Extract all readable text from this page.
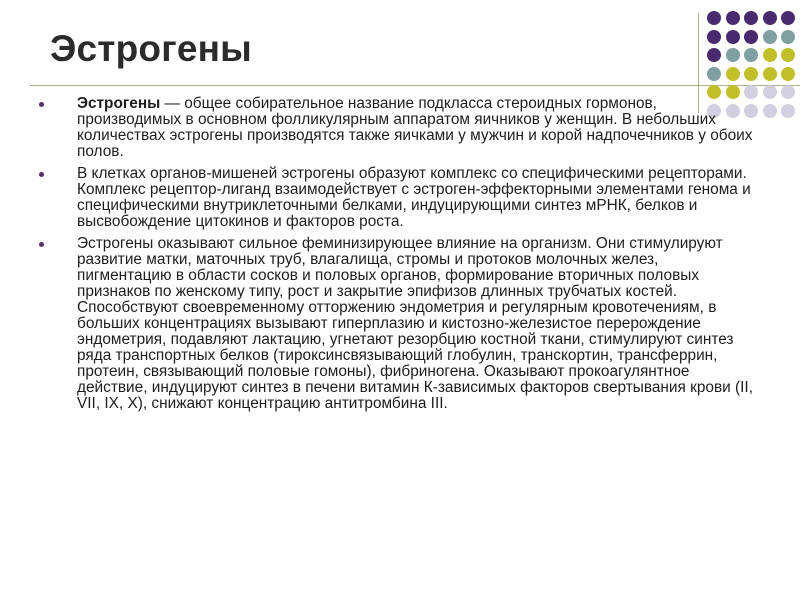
Эстрогены
Эстрогены — общее собирательное название подкласса стероидных гормонов, производимых в основном фолликулярным аппаратом яичников у женщин. В небольших количествах эстрогены производятся также яичками у мужчин и корой надпочечников у обоих полов.
В клетках органов-мишеней эстрогены образуют комплекс со специфическими рецепторами. Комплекс рецептор-лиганд взаимодействует с эстроген-эффекторными элементами генома и специфическими внутриклеточными белками, индуцирующими синтез мРНК, белков и высвобождение цитокинов и факторов роста.
Эстрогены оказывают сильное феминизирующее влияние на организм. Они стимулируют развитие матки, маточных труб, влагалища, стромы и протоков молочных желез, пигментацию в области сосков и половых органов, формирование вторичных половых признаков по женскому типу, рост и закрытие эпифизов длинных трубчатых костей. Способствуют своевременному отторжению эндометрия и регулярным кровотечениям, в больших концентрациях вызывают гиперплазию и кистозно-железистое перерождение эндометрия, подавляют лактацию, угнетают резорбцию костной ткани, стимулируют синтез ряда транспортных белков (тироксинсвязывающий глобулин, транскортин, трансферрин, протеин, связывающий половые гомоны), фибриногена. Оказывают прокоагулянтное действие, индуцируют синтез в печени витамин К-зависимых факторов свертывания крови (II, VII, IX, X), снижают концентрацию антитромбина III.
